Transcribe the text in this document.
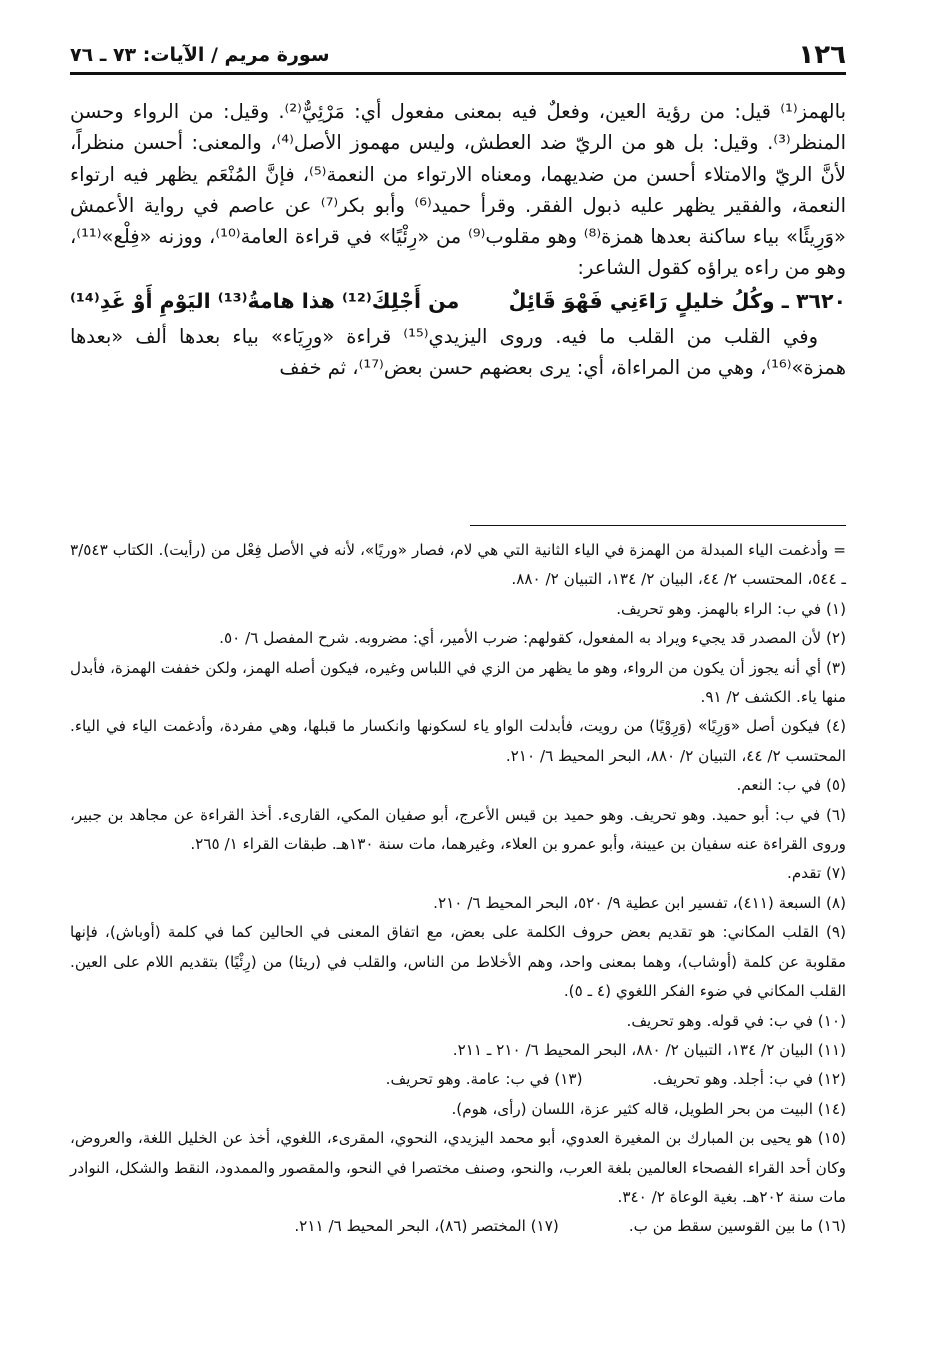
١٢٦
سورة مريم / الآيات: ٧٣ ـ ٧٦

بالهمز⁽¹⁾ قيل: من رؤية العين، وفعلٌ فيه بمعنى مفعول أي: مَرْئِيٌّ⁽²⁾. وقيل: من الرواء وحسن المنظر⁽³⁾. وقيل: بل هو من الريّ ضد العطش، وليس مهموز الأصل⁽⁴⁾، والمعنى: أحسن منظراً، لأنَّ الريّ والامتلاء أحسن من ضديهما، ومعناه الارتواء من النعمة⁽⁵⁾، فإنَّ المُنْعَم يظهر فيه ارتواء النعمة، والفقير يظهر عليه ذبول الفقر. وقرأ حميد⁽⁶⁾ وأبو بكر⁽⁷⁾ عن عاصم في رواية الأعمش «وَرِيئًا» بياء ساكنة بعدها همزة⁽⁸⁾ وهو مقلوب⁽⁹⁾ من «رِئْيًا» في قراءة العامة⁽¹⁰⁾، ووزنه «فِلْع»⁽¹¹⁾، وهو من راءه يراؤه كقول الشاعر:

٣٦٢٠ ـ وكُلُ خليلٍ رَاءَنِي فَهْوَ قَائِلٌ
من أَجْلِكَ⁽¹²⁾ هذا هامةُ⁽¹³⁾ اليَوْمِ أَوْ غَدِ⁽¹⁴⁾

وفي القلب من القلب ما فيه. وروى اليزيدي⁽¹⁵⁾ قراءة «ورِيَاء» بياء بعدها ألف «بعدها همزة»⁽¹⁶⁾، وهي من المراءاة، أي: يرى بعضهم حسن بعض⁽¹⁷⁾، ثم خفف

= وأدغمت الياء المبدلة من الهمزة في الياء الثانية التي هي لام، فصار «وريًا»، لأنه في الأصل فِعْل من (رأيت). الكتاب ٣/٥٤٣ ـ ٥٤٤، المحتسب ٢/ ٤٤، البيان ٢/ ١٣٤، التبيان ٢/ ٨٨٠.

(١) في ب: الراء بالهمز. وهو تحريف.

(٢) لأن المصدر قد يجيء ويراد به المفعول، كقولهم: ضرب الأمير، أي: مضروبه. شرح المفصل ٦/ ٥٠.

(٣) أي أنه يجوز أن يكون من الرواء، وهو ما يظهر من الزي في اللباس وغيره، فيكون أصله الهمز، ولكن خففت الهمزة، فأبدل منها ياء. الكشف ٢/ ٩١.

(٤) فيكون أصل «وَرِيًا» (وَرِوْيًا) من رويت، فأبدلت الواو ياء لسكونها وانكسار ما قبلها، وهي مفردة، وأدغمت الياء في الياء. المحتسب ٢/ ٤٤، التبيان ٢/ ٨٨٠، البحر المحيط ٦/ ٢١٠.

(٥) في ب: النعم.

(٦) في ب: أبو حميد. وهو تحريف. وهو حميد بن قيس الأعرج، أبو صفيان المكي، القارىء. أخذ القراءة عن مجاهد بن جبير، وروى القراءة عنه سفيان بن عيينة، وأبو عمرو بن العلاء، وغيرهما، مات سنة ١٣٠هـ. طبقات القراء ١/ ٢٦٥.

(٧) تقدم.

(٨) السبعة (٤١١)، تفسير ابن عطية ٩/ ٥٢٠، البحر المحيط ٦/ ٢١٠.

(٩) القلب المكاني: هو تقديم بعض حروف الكلمة على بعض، مع اتفاق المعنى في الحالين كما في كلمة (أوباش)، فإنها مقلوبة عن كلمة (أوشاب)، وهما بمعنى واحد، وهم الأخلاط من الناس، والقلب في (ريئا) من (رِئْيًا) بتقديم اللام على العين. القلب المكاني في ضوء الفكر اللغوي (٤ ـ ٥).

(١٠) في ب: في قوله. وهو تحريف.

(١١) البيان ٢/ ١٣٤، التبيان ٢/ ٨٨٠، البحر المحيط ٦/ ٢١٠ ـ ٢١١.

(١٢) في ب: أجلد. وهو تحريف.
(١٣) في ب: عامة. وهو تحريف.

(١٤) البيت من بحر الطويل، قاله كثير عزة، اللسان (رأى، هوم).

(١٥) هو يحيى بن المبارك بن المغيرة العدوي، أبو محمد اليزيدي، النحوي، المقرىء، اللغوي، أخذ عن الخليل اللغة، والعروض، وكان أحد القراء الفصحاء العالمين بلغة العرب، والنحو، وصنف مختصرا في النحو، والمقصور والممدود، النقط والشكل، النوادر مات سنة ٢٠٢هـ. بغية الوعاة ٢/ ٣٤٠.

(١٦) ما بين القوسين سقط من ب.
(١٧) المختصر (٨٦)، البحر المحيط ٦/ ٢١١.
